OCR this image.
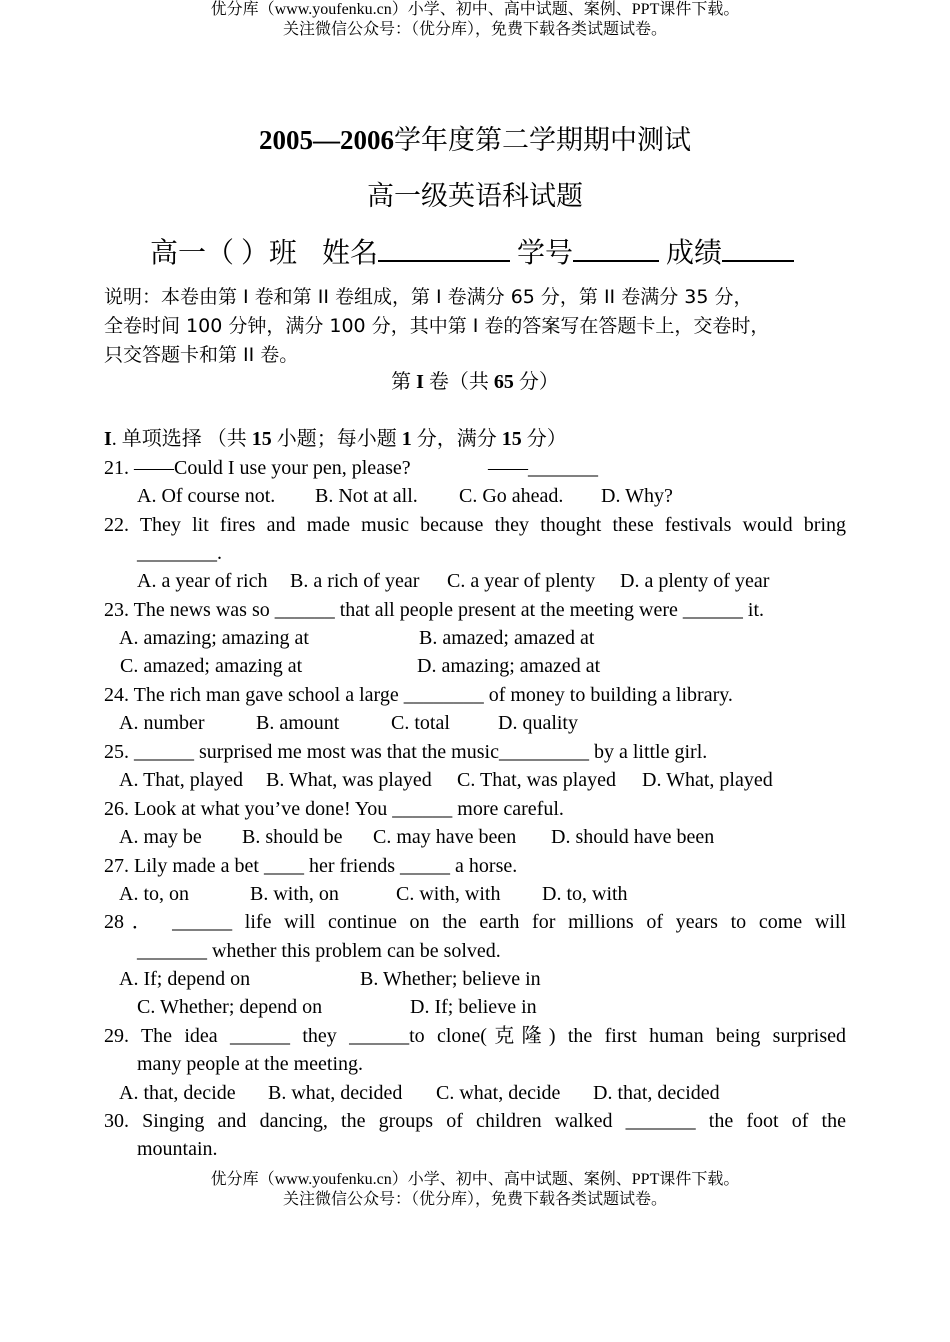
优分库（www.youfenku.cn）小学、初中、高中试题、案例、PPT课件下载。
关注微信公众号：（优分库），免费下载各类试题试卷。
2005—2006学年度第二学期期中测试
高一级英语科试题
高一（ ）班 姓名	学号	成绩
说明：本卷由第 I 卷和第 II 卷组成，第 I 卷满分 65 分，第 II 卷满分 35 分，
全卷时间 100 分钟，满分 100 分，其中第 I 卷的答案写在答题卡上，交卷时，
只交答题卡和第 II 卷。
第 I 卷（共 65 分）
I. 单项选择 （共 15 小题；每小题 1 分，满分 15 分）
21. ——Could I use your pen, please?	——_______
A. Of course not. B. Not at all. C. Go ahead. D. Why?
22. They lit fires and made music because they thought these festivals would bring
________.
A. a year of rich B. a rich of year C. a year of plenty D. a plenty of year
23. The news was so ______ that all people present at the meeting were ______ it.
A. amazing; amazing at	B. amazed; amazed at
C. amazed; amazing at	D. amazing; amazed at
24. The rich man gave school a large ________ of money to building a library.
A. number	B. amount	C. total D. quality
25. ______ surprised me most was that the music_________ by a little girl.
A. That, played B. What, was played C. That, was played D. What, played
26. Look at what you’ve done! You ______ more careful.
A. may be B. should be C. may have been D. should have been
27. Lily made a bet ____ her friends _____ a horse.
A. to, on	B. with, on	C. with, with D. to, with
28． ______ life will continue on the earth for millions of years to come will
_______ whether this problem can be solved.
A. If; depend on	B. Whether; believe in
C. Whether; depend on	D. If; believe in
29. The idea ______ they ______to clone(克隆) the first human being surprised
many people at the meeting.
A. that, decide B. what, decided C. what, decide D. that, decided
30. Singing and dancing, the groups of children walked _______ the foot of the
mountain.
优分库（www.youfenku.cn）小学、初中、高中试题、案例、PPT课件下载。
关注微信公众号：（优分库），免费下载各类试题试卷。
